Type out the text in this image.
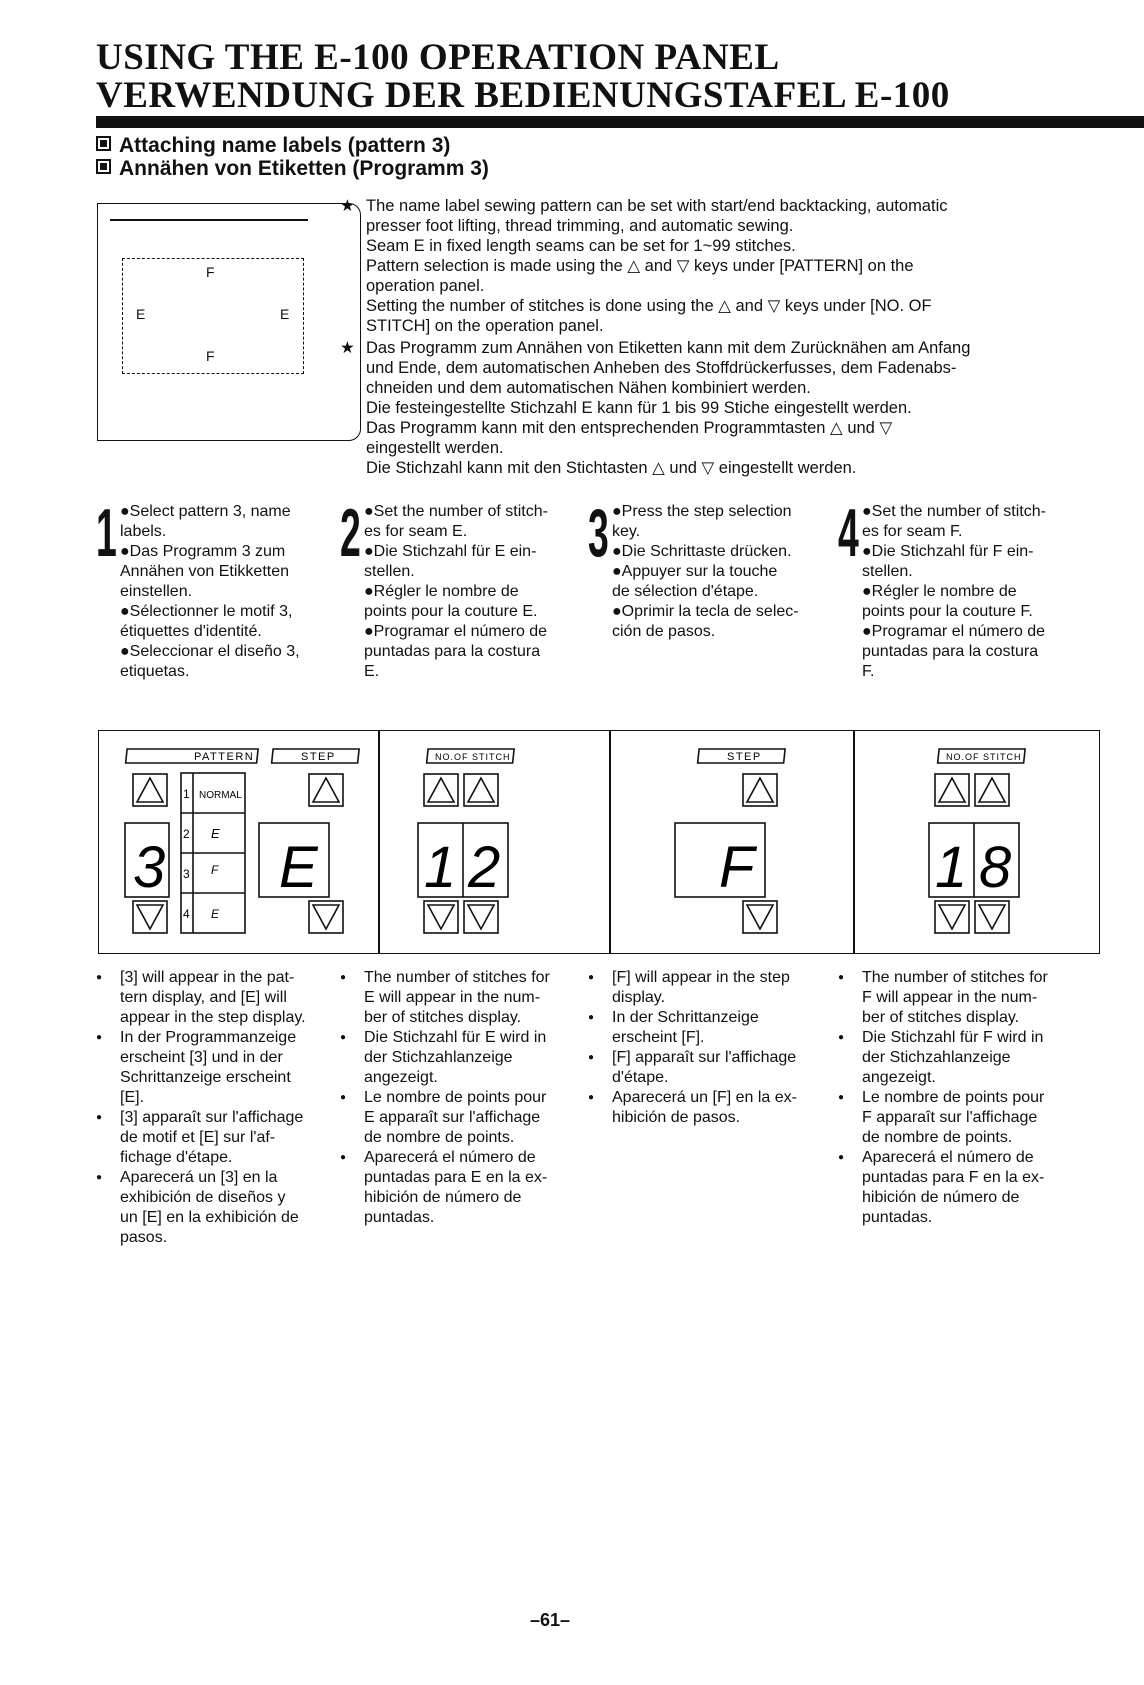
USING THE E-100 OPERATION PANEL
VERWENDUNG DER BEDIENUNGSTAFEL E-100
Attaching name labels (pattern 3)
Annähen von Etiketten (Programm 3)
F
F
E	E
★ The name label sewing pattern can be set with start/end backtacking, automatic
presser foot lifting, thread trimming, and automatic sewing.
Seam E in fixed length seams can be set for 1~99 stitches.
Pattern selection is made using the △ and ▽ keys under [PATTERN] on the
operation panel.
Setting the number of stitches is done using the △ and ▽ keys under [NO. OF
STITCH] on the operation panel.
★ Das Programm zum Annähen von Etiketten kann mit dem Zurücknähen am Anfang
und Ende, dem automatischen Anheben des Stoffdrückerfusses, dem Fadenabs-
chneiden und dem automatischen Nähen kombiniert werden.
Die festeingestellte Stichzahl E kann für 1 bis 99 Stiche eingestellt werden.
Das Programm kann mit den entsprechenden Programmtasten △ und ▽
eingestellt werden.
Die Stichzahl kann mit den Stichtasten △ und ▽ eingestellt werden.
1 ●Select pattern 3, name
labels.
●Das Programm 3 zum
Annähen von Etikketten
einstellen.
●Sélectionner le motif 3,
étiquettes d'identité.
●Seleccionar el diseño 3,
etiquetas.
2 ●Set the number of stitch-
es for seam E.
●Die Stichzahl für E ein-
stellen.
●Régler le nombre de
points pour la couture E.
●Programar el número de
puntadas para la costura
E.
3 ●Press the step selection
key.
●Die Schrittaste drücken.
●Appuyer sur la touche
de sélection d'étape.
●Oprimir la tecla de selec-
ción de pasos.
4 ●Set the number of stitch-
es for seam F.
●Die Stichzahl für F ein-
stellen.
●Régler le nombre de
points pour la couture F.
●Programar el número de
puntadas para la costura
F.
PATTERN	STEP
NORMAL
1
2
3
4
E
F
E
3 E
NO.OF STITCH
1 2
STEP
F
NO.OF STITCH
1 8
● [3] will appear in the pat-
tern display, and [E] will
appear in the step display.
● In der Programmanzeige
erscheint [3] und in der
Schrittanzeige erscheint
[E].
● [3] apparaît sur l'affichage
de motif et [E] sur l'af-
fichage d'étape.
● Aparecerá un [3] en la
exhibición de diseños y
un [E] en la exhibición de
pasos.
● The number of stitches for
E will appear in the num-
ber of stitches display.
● Die Stichzahl für E wird in
der Stichzahlanzeige
angezeigt.
● Le nombre de points pour
E apparaît sur l'affichage
de nombre de points.
● Aparecerá el número de
puntadas para E en la ex-
hibición de número de
puntadas.
● [F] will appear in the step
display.
● In der Schrittanzeige
erscheint [F].
● [F] apparaît sur l'affichage
d'étape.
● Aparecerá un [F] en la ex-
hibición de pasos.
● The number of stitches for
F will appear in the num-
ber of stitches display.
● Die Stichzahl für F wird in
der Stichzahlanzeige
angezeigt.
● Le nombre de points pour
F apparaît sur l'affichage
de nombre de points.
● Aparecerá el número de
puntadas para F en la ex-
hibición de número de
puntadas.
–61–
